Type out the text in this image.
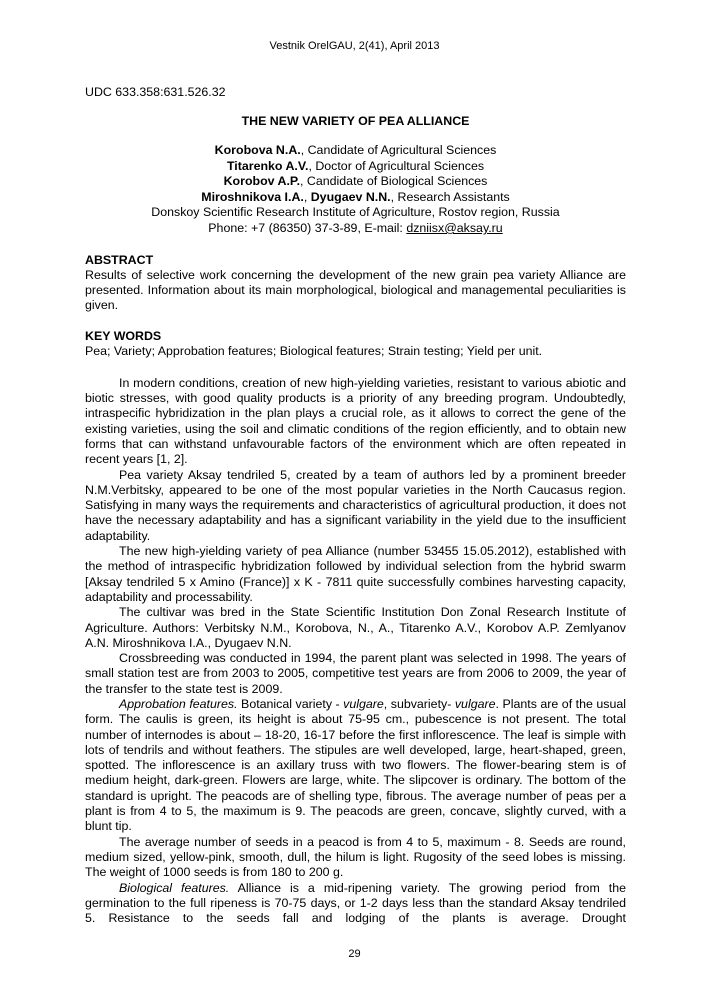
Vestnik OrelGAU, 2(41), April 2013
UDC 633.358:631.526.32
THE NEW VARIETY OF PEA ALLIANCE
Korobova N.A., Candidate of Agricultural Sciences
Titarenko A.V., Doctor of Agricultural Sciences
Korobov A.P., Candidate of Biological Sciences
Miroshnikova I.A., Dyugaev N.N., Research Assistants
Donskoy Scientific Research Institute of Agriculture, Rostov region, Russia
Phone: +7 (86350) 37-3-89, E-mail: dzniisx@aksay.ru
ABSTRACT

Results of selective work concerning the development of the new grain pea variety Alliance are presented. Information about its main morphological, biological and managemental peculiarities is given.

KEY WORDS

Pea; Variety; Approbation features; Biological features; Strain testing; Yield per unit.

In modern conditions, creation of new high-yielding varieties, resistant to various abiotic and biotic stresses, with good quality products is a priority of any breeding program. Undoubtedly, intraspecific hybridization in the plan plays a crucial role, as it allows to correct the gene of the existing varieties, using the soil and climatic conditions of the region efficiently, and to obtain new forms that can withstand unfavourable factors of the environment which are often repeated in recent years [1, 2].

Pea variety Aksay tendriled 5, created by a team of authors led by a prominent breeder N.M.Verbitsky, appeared to be one of the most popular varieties in the North Caucasus region. Satisfying in many ways the requirements and characteristics of agricultural production, it does not have the necessary adaptability and has a significant variability in the yield due to the insufficient adaptability.

The new high-yielding variety of pea Alliance (number 53455 15.05.2012), established with the method of intraspecific hybridization followed by individual selection from the hybrid swarm [Aksay tendriled 5 x Amino (France)] x K - 7811 quite successfully combines harvesting capacity, adaptability and processability.

The cultivar was bred in the State Scientific Institution Don Zonal Research Institute of Agriculture. Authors: Verbitsky N.M., Korobova, N., A., Titarenko A.V., Korobov A.P. Zemlyanov A.N. Miroshnikova I.A., Dyugaev N.N.

Crossbreeding was conducted in 1994, the parent plant was selected in 1998. The years of small station test are from 2003 to 2005, competitive test years are from 2006 to 2009, the year of the transfer to the state test is 2009.

Approbation features. Botanical variety - vulgare, subvariety- vulgare. Plants are of the usual form. The caulis is green, its height is about 75-95 cm., pubescence is not present. The total number of internodes is about – 18-20, 16-17 before the first inflorescence. The leaf is simple with lots of tendrils and without feathers. The stipules are well developed, large, heart-shaped, green, spotted. The inflorescence is an axillary truss with two flowers. The flower-bearing stem is of medium height, dark-green. Flowers are large, white. The slipcover is ordinary. The bottom of the standard is upright. The peacods are of shelling type, fibrous. The average number of peas per a plant is from 4 to 5, the maximum is 9. The peacods are green, concave, slightly curved, with a blunt tip.

The average number of seeds in a peacod is from 4 to 5, maximum - 8. Seeds are round, medium sized, yellow-pink, smooth, dull, the hilum is light. Rugosity of the seed lobes is missing. The weight of 1000 seeds is from 180 to 200 g.

Biological features. Alliance is a mid-ripening variety. The growing period from the germination to the full ripeness is 70-75 days, or 1-2 days less than the standard Aksay tendriled 5. Resistance to the seeds fall and lodging of the plants is average. Drought

29
